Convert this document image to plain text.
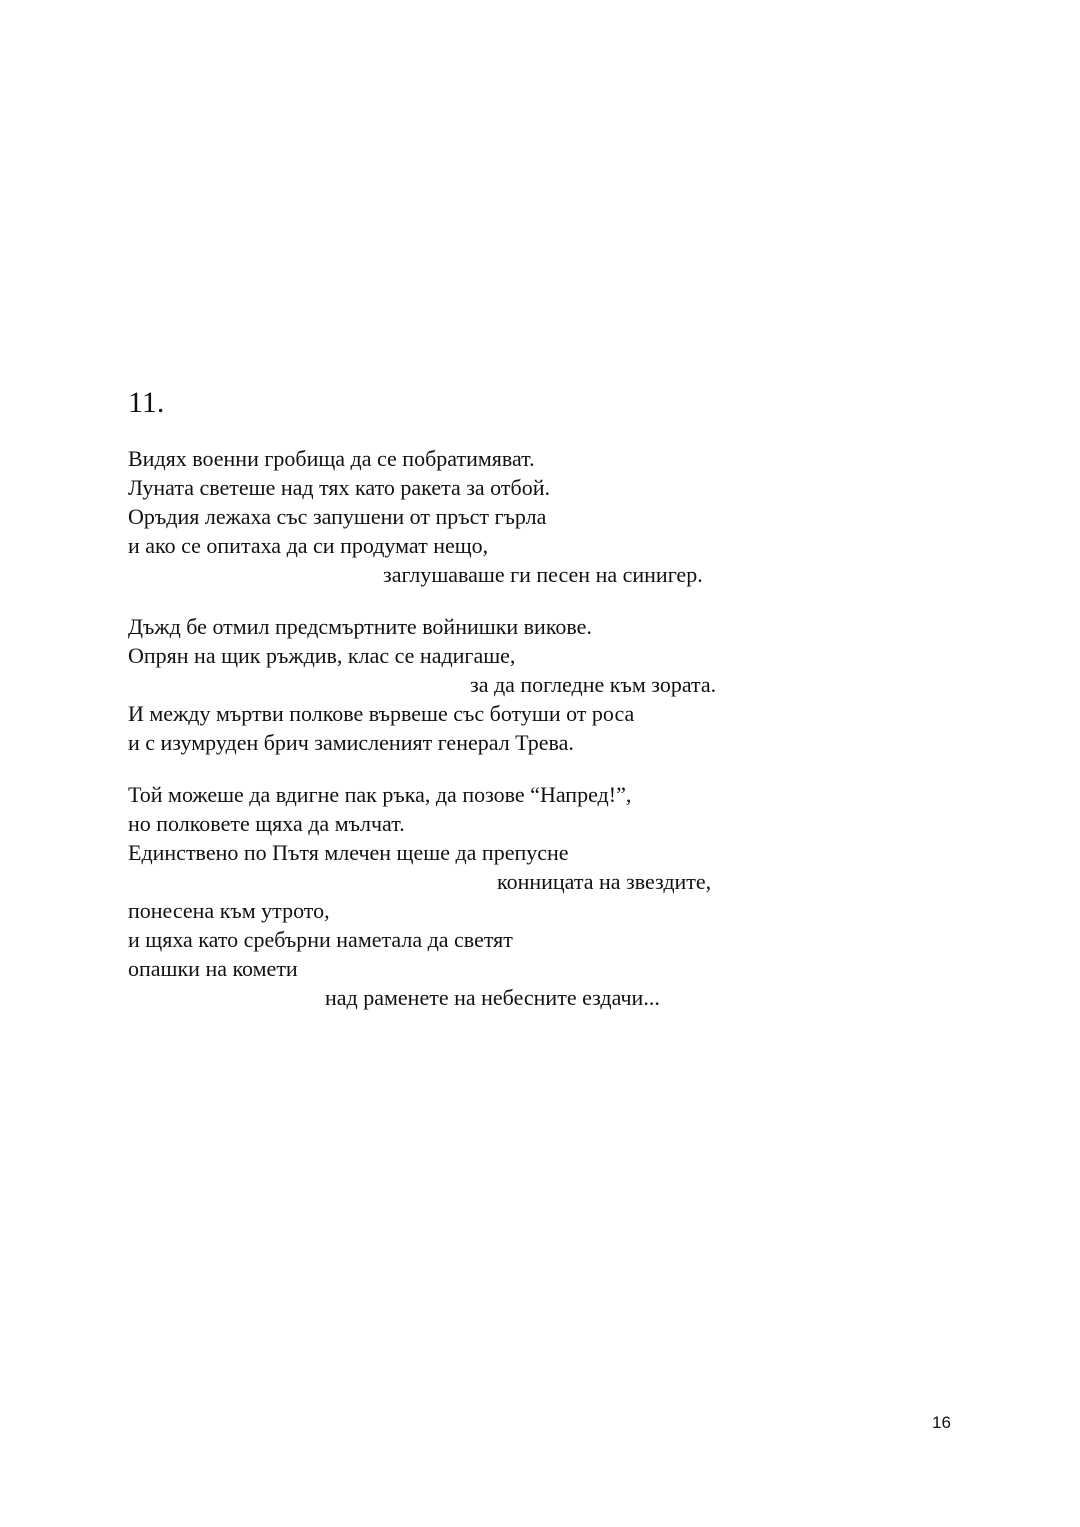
11.
Видях военни гробища да се побратимяват.
Луната светеше над тях като ракета за отбой.
Оръдия лежаха със запушени от пръст гърла
и ако се опитаха да си продумат нещо,
заглушаваше ги песен на синигер.
Дъжд бе отмил предсмъртните войнишки викове.
Опрян на щик ръждив, клас се надигаше,
за да погледне към зората.
И между мъртви полкове вървеше със ботуши от роса
и с изумруден брич замисленият генерал Трева.
Той можеше да вдигне пак ръка, да позове “Напред!”,
но полковете щяха да мълчат.
Единствено по Пътя млечен щеше да препусне
конницата на звездите,
понесена към утрото,
и щяха като сребърни наметала да светят
опашки на комети
над раменете на небесните ездачи...
16
